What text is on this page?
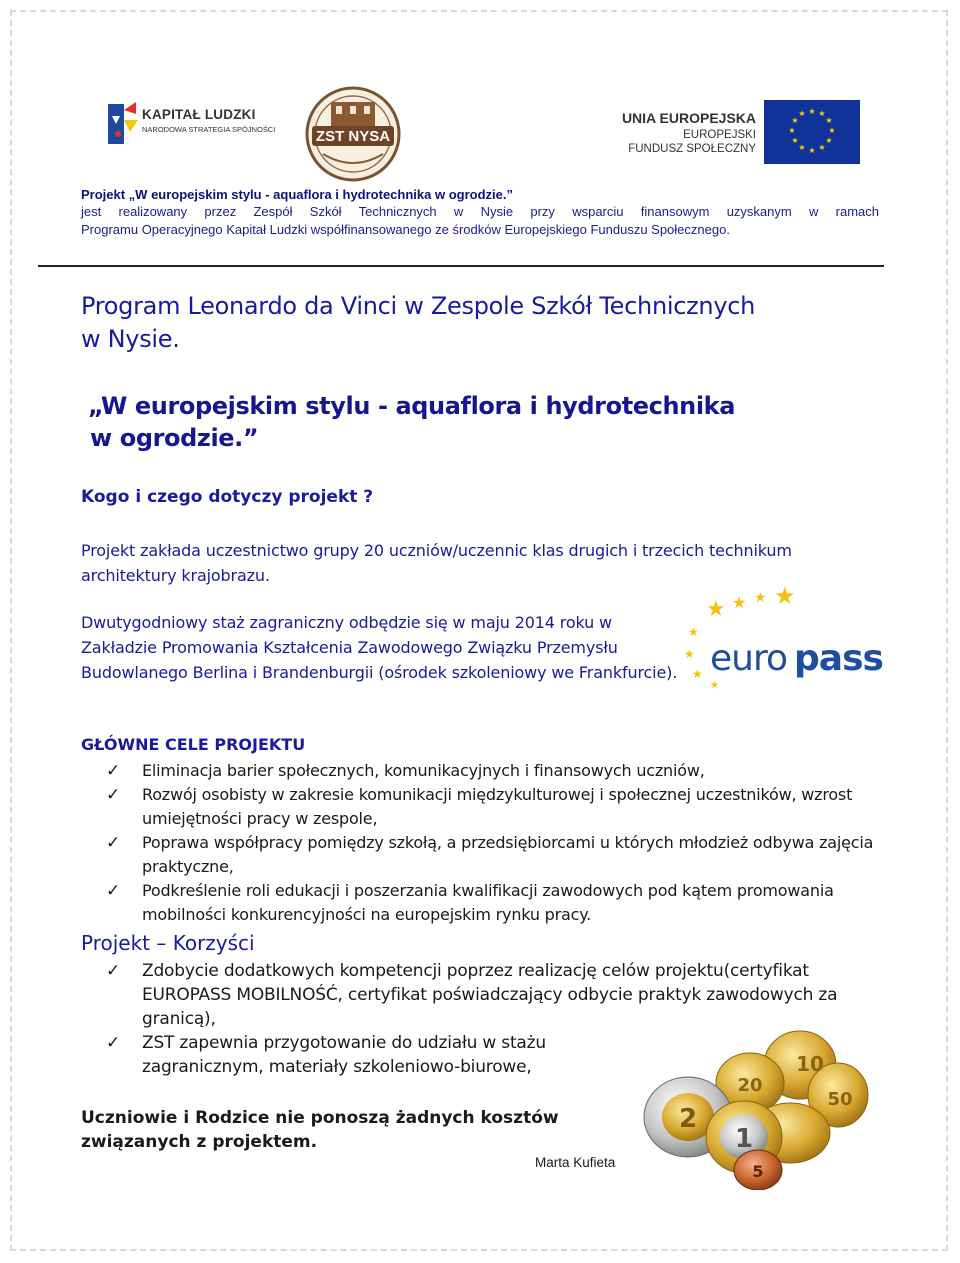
KAPITAŁ LUDZKI
NARODOWA STRATEGIA SPÓJNOŚCI	ZST NYSA
UNIA EUROPEJSKA
EUROPEJSKI
FUNDUSZ SPOŁECZNY
★ ★
★
★
★
★
★
★
★
★
★
★
Projekt „W europejskim stylu - aquaflora i hydrotechnika w ogrodzie.”
jest realizowany przez Zespół Szkół Technicznych w Nysie przy wsparciu finansowym uzyskanym w ramach
Programu Operacyjnego Kapitał Ludzki współfinansowanego ze środków Europejskiego Funduszu Społecznego.
Program Leonardo da Vinci w Zespole Szkół Technicznych
w Nysie.
„W europejskim stylu - aquaflora i hydrotechnika
w ogrodzie.”
Kogo i czego dotyczy projekt ?
Projekt zakłada uczestnictwo grupy 20 uczniów/uczennic klas drugich i trzecich technikum architektury krajobrazu.
Dwutygodniowy staż zagraniczny odbędzie się w maju 2014 roku w Zakładzie Promowania Kształcenia Zawodowego Związku Przemysłu Budowlanego Berlina i Brandenburgii (ośrodek szkoleniowy we Frankfurcie).
★ ★ ★ ★
★
★
★
★
euro pass
GŁÓWNE CELE PROJEKTU
✓ Eliminacja barier społecznych, komunikacyjnych i finansowych uczniów,
✓ Rozwój osobisty w zakresie komunikacji międzykulturowej i społecznej uczestników, wzrost umiejętności pracy w zespole,
✓ Poprawa współpracy pomiędzy szkołą, a przedsiębiorcami u których młodzież odbywa zajęcia praktyczne,
✓ Podkreślenie roli edukacji i poszerzania kwalifikacji zawodowych pod kątem promowania mobilności konkurencyjności na europejskim rynku pracy.
Projekt – Korzyści
✓ Zdobycie dodatkowych kompetencji poprzez realizację celów projektu(certyfikat EUROPASS MOBILNOŚĆ, certyfikat poświadczający odbycie praktyk zawodowych za granicą),
✓ ZST zapewnia przygotowanie do udziału w stażu zagranicznym, materiały szkoleniowo-biurowe,
2
1
10
20
50
5
Uczniowie i Rodzice nie ponoszą żadnych kosztów związanych z projektem.
Marta Kufieta
